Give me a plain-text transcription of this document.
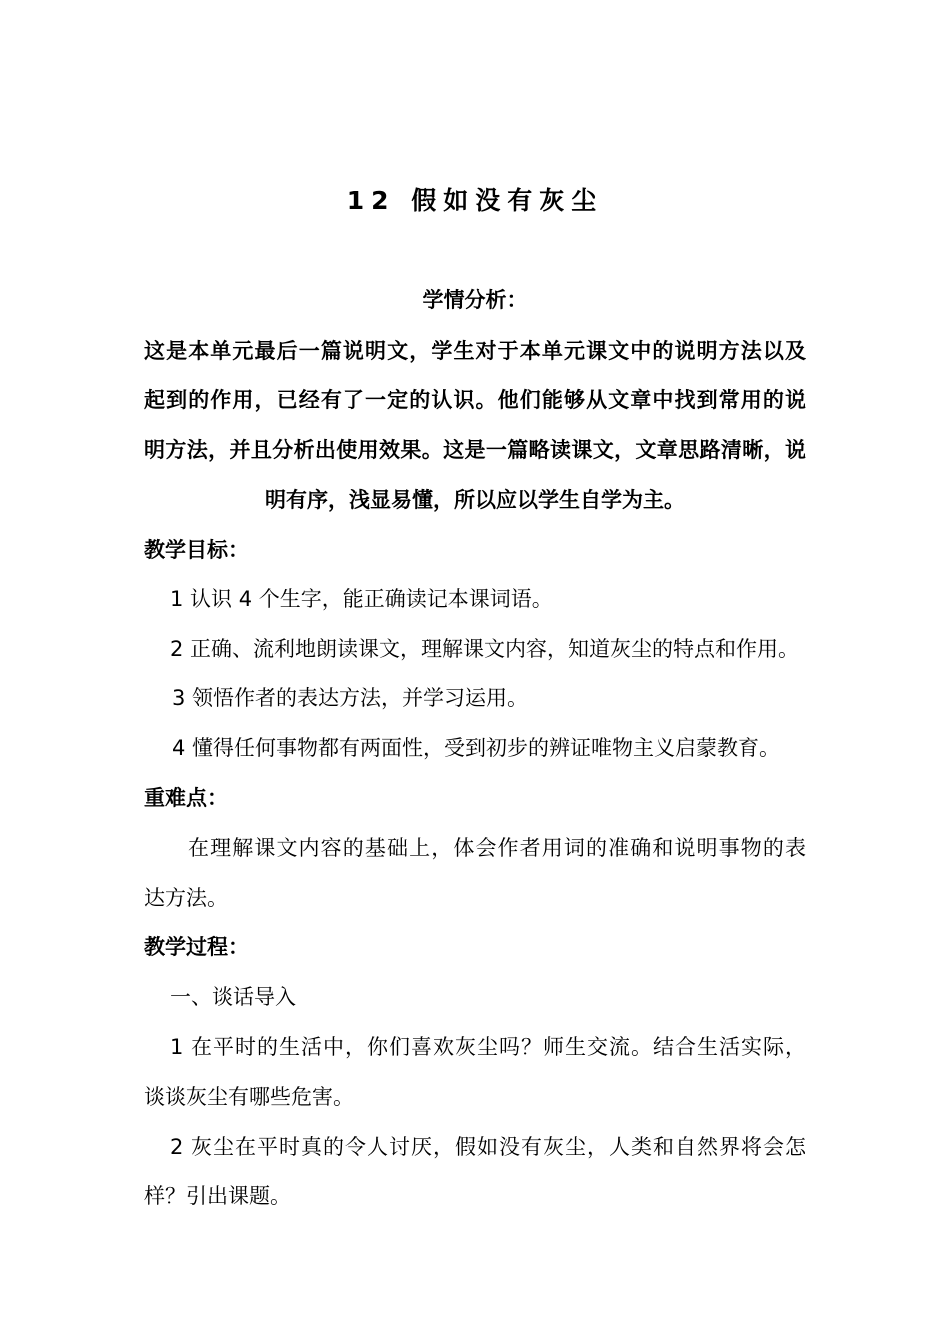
12 假如没有灰尘
学情分析：
这是本单元最后一篇说明文，学生对于本单元课文中的说明方法以及
起到的作用，已经有了一定的认识。他们能够从文章中找到常用的说
明方法，并且分析出使用效果。这是一篇略读课文，文章思路清晰，说
明有序，浅显易懂，所以应以学生自学为主。
教学目标：
1 认识 4 个生字，能正确读记本课词语。
2 正确、流利地朗读课文，理解课文内容，知道灰尘的特点和作用。
3 领悟作者的表达方法，并学习运用。
4 懂得任何事物都有两面性，受到初步的辨证唯物主义启蒙教育。
重难点：
在理解课文内容的基础上，体会作者用词的准确和说明事物的表
达方法。
教学过程：
一、谈话导入
1 在平时的生活中，你们喜欢灰尘吗？师生交流。结合生活实际，
谈谈灰尘有哪些危害。
2 灰尘在平时真的令人讨厌，假如没有灰尘，人类和自然界将会怎
样？引出课题。
